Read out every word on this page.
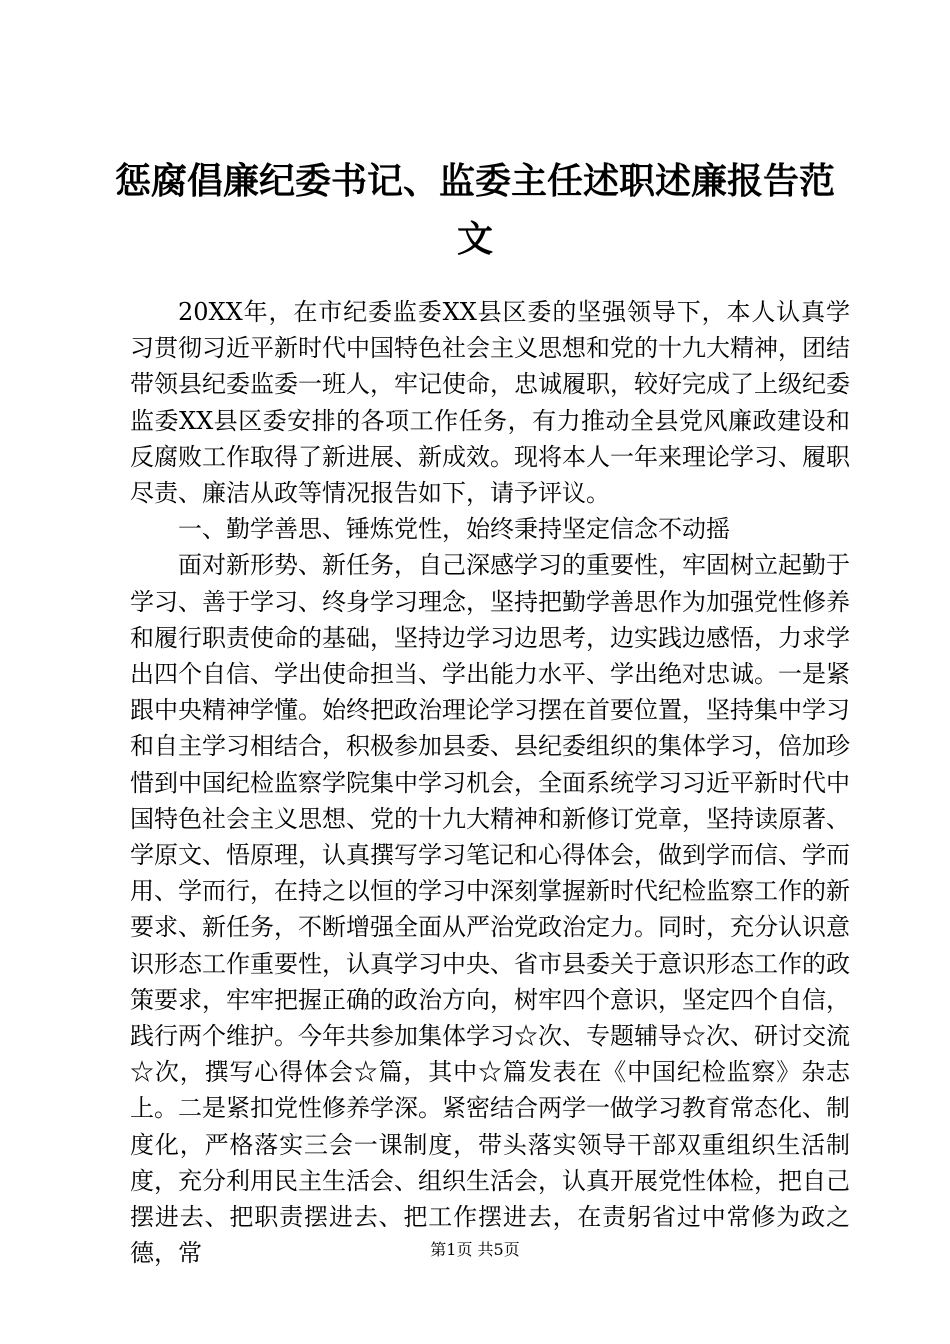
惩腐倡廉纪委书记、监委主任述职述廉报告范文

20XX年，在市纪委监委XX县区委的坚强领导下，本人认真学习贯彻习近平新时代中国特色社会主义思想和党的十九大精神，团结带领县纪委监委一班人，牢记使命，忠诚履职，较好完成了上级纪委监委XX县区委安排的各项工作任务，有力推动全县党风廉政建设和反腐败工作取得了新进展、新成效。现将本人一年来理论学习、履职尽责、廉洁从政等情况报告如下，请予评议。

一、勤学善思、锤炼党性，始终秉持坚定信念不动摇

面对新形势、新任务，自己深感学习的重要性，牢固树立起勤于学习、善于学习、终身学习理念，坚持把勤学善思作为加强党性修养和履行职责使命的基础，坚持边学习边思考，边实践边感悟，力求学出四个自信、学出使命担当、学出能力水平、学出绝对忠诚。一是紧跟中央精神学懂。始终把政治理论学习摆在首要位置，坚持集中学习和自主学习相结合，积极参加县委、县纪委组织的集体学习，倍加珍惜到中国纪检监察学院集中学习机会，全面系统学习习近平新时代中国特色社会主义思想、党的十九大精神和新修订党章，坚持读原著、学原文、悟原理，认真撰写学习笔记和心得体会，做到学而信、学而用、学而行，在持之以恒的学习中深刻掌握新时代纪检监察工作的新要求、新任务，不断增强全面从严治党政治定力。同时，充分认识意识形态工作重要性，认真学习中央、省市县委关于意识形态工作的政策要求，牢牢把握正确的政治方向，树牢四个意识，坚定四个自信，践行两个维护。今年共参加集体学习☆次、专题辅导☆次、研讨交流☆次，撰写心得体会☆篇，其中☆篇发表在《中国纪检监察》杂志上。二是紧扣党性修养学深。紧密结合两学一做学习教育常态化、制度化，严格落实三会一课制度，带头落实领导干部双重组织生活制度，充分利用民主生活会、组织生活会，认真开展党性体检，把自己摆进去、把职责摆进去、把工作摆进去，在责躬省过中常修为政之德，常	第1页 共5页
